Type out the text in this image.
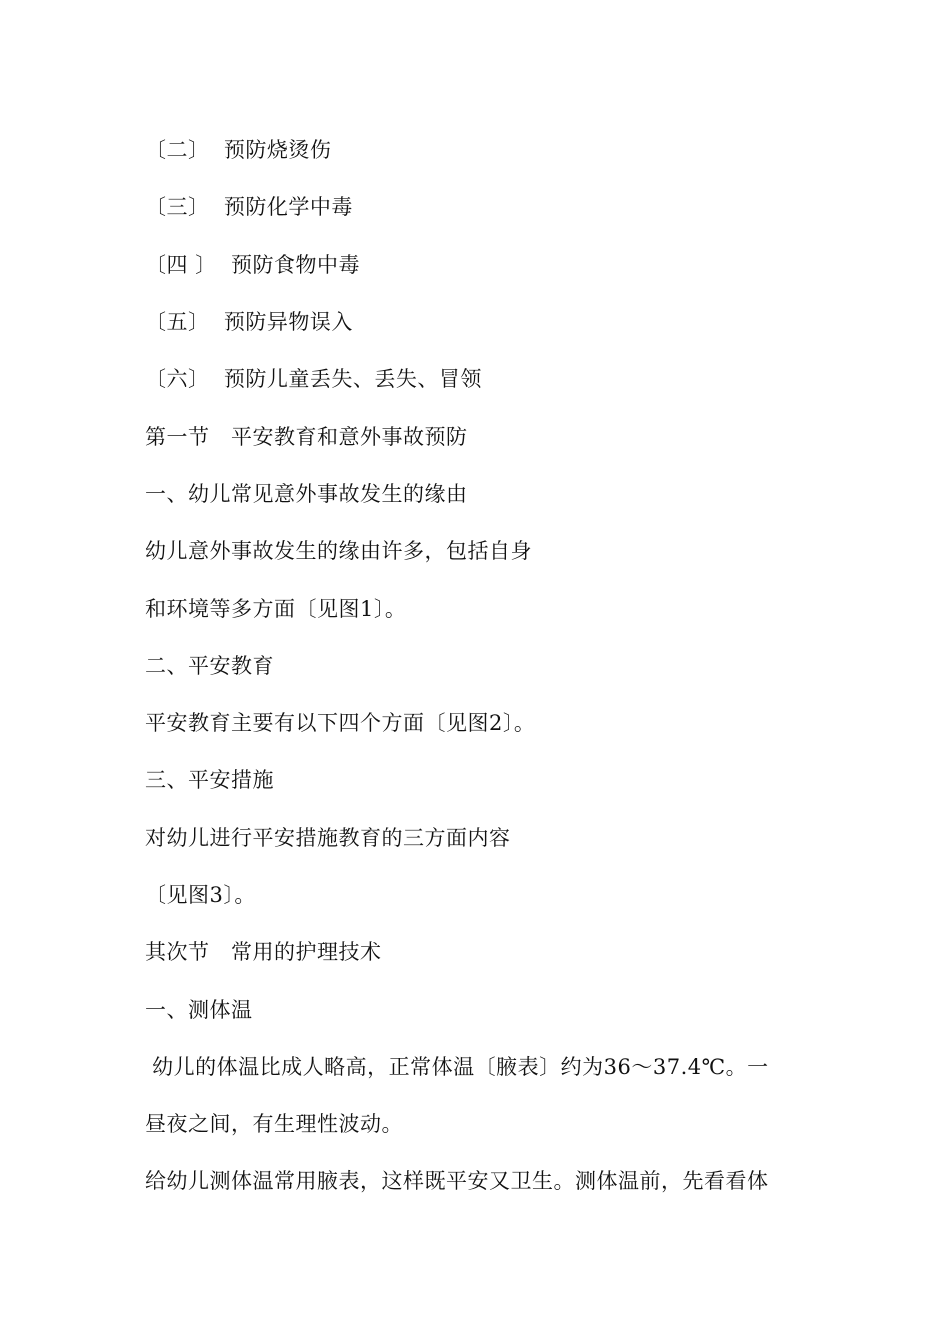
〔二〕  预防烧烫伤
〔三〕  预防化学中毒
〔四 〕  预防食物中毒
〔五〕  预防异物误入
〔六〕  预防儿童丢失、丢失、冒领
第一节   平安教育和意外事故预防
一、幼儿常见意外事故发生的缘由
幼儿意外事故发生的缘由许多，包括自身
和环境等多方面〔见图1〕。
二、平安教育
平安教育主要有以下四个方面〔见图2〕。
三、平安措施
对幼儿进行平安措施教育的三方面内容
〔见图3〕。
其次节   常用的护理技术
一、测体温
幼儿的体温比成人略高，正常体温〔腋表〕约为36～37.4℃。一
昼夜之间，有生理性波动。
给幼儿测体温常用腋表，这样既平安又卫生。测体温前，先看看体
